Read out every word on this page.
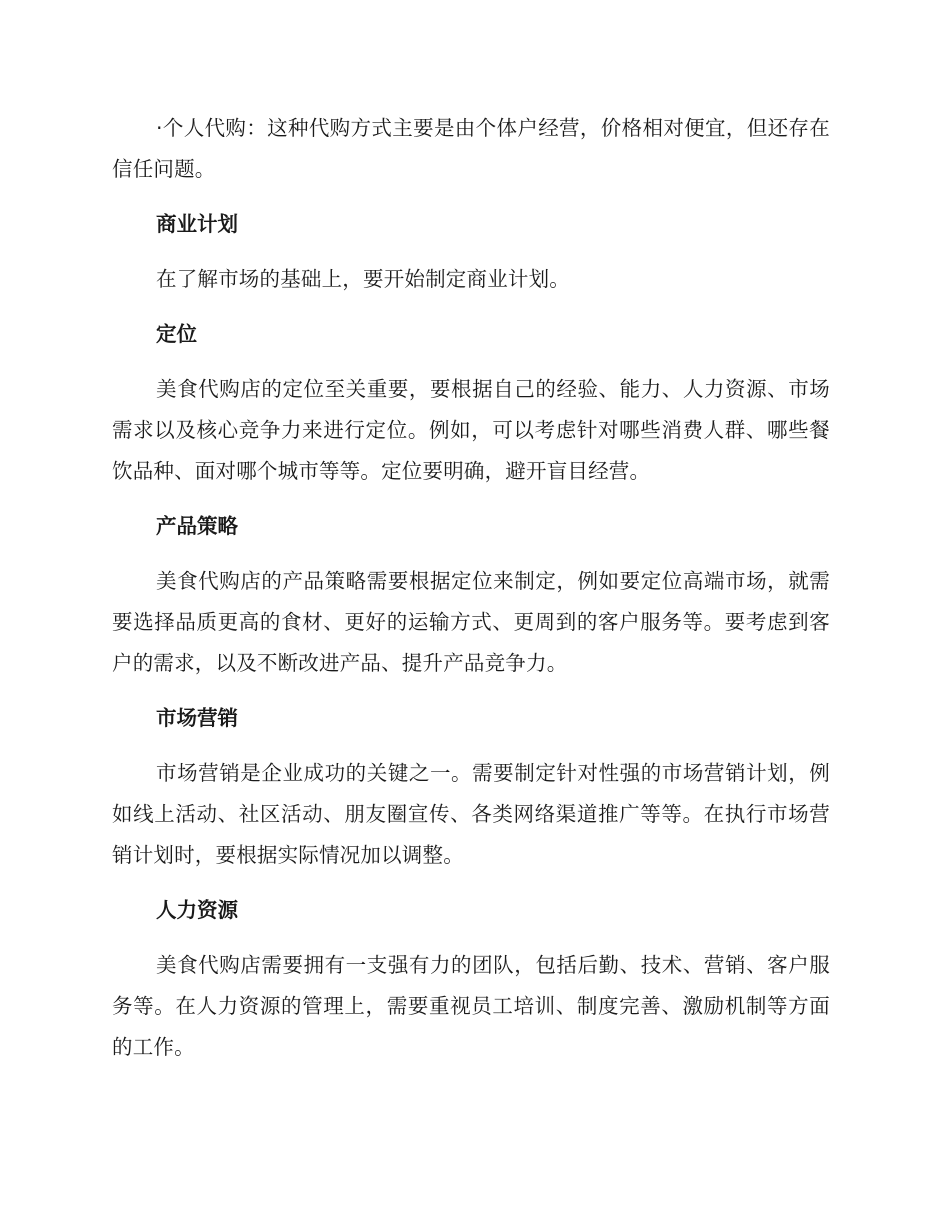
·个人代购：这种代购方式主要是由个体户经营，价格相对便宜，但还存在信任问题。

商业计划

在了解市场的基础上，要开始制定商业计划。

定位

美食代购店的定位至关重要，要根据自己的经验、能力、人力资源、市场需求以及核心竞争力来进行定位。例如，可以考虑针对哪些消费人群、哪些餐饮品种、面对哪个城市等等。定位要明确，避开盲目经营。

产品策略

美食代购店的产品策略需要根据定位来制定，例如要定位高端市场，就需要选择品质更高的食材、更好的运输方式、更周到的客户服务等。要考虑到客户的需求，以及不断改进产品、提升产品竞争力。

市场营销

市场营销是企业成功的关键之一。需要制定针对性强的市场营销计划，例如线上活动、社区活动、朋友圈宣传、各类网络渠道推广等等。在执行市场营销计划时，要根据实际情况加以调整。

人力资源

美食代购店需要拥有一支强有力的团队，包括后勤、技术、营销、客户服务等。在人力资源的管理上，需要重视员工培训、制度完善、激励机制等方面的工作。
